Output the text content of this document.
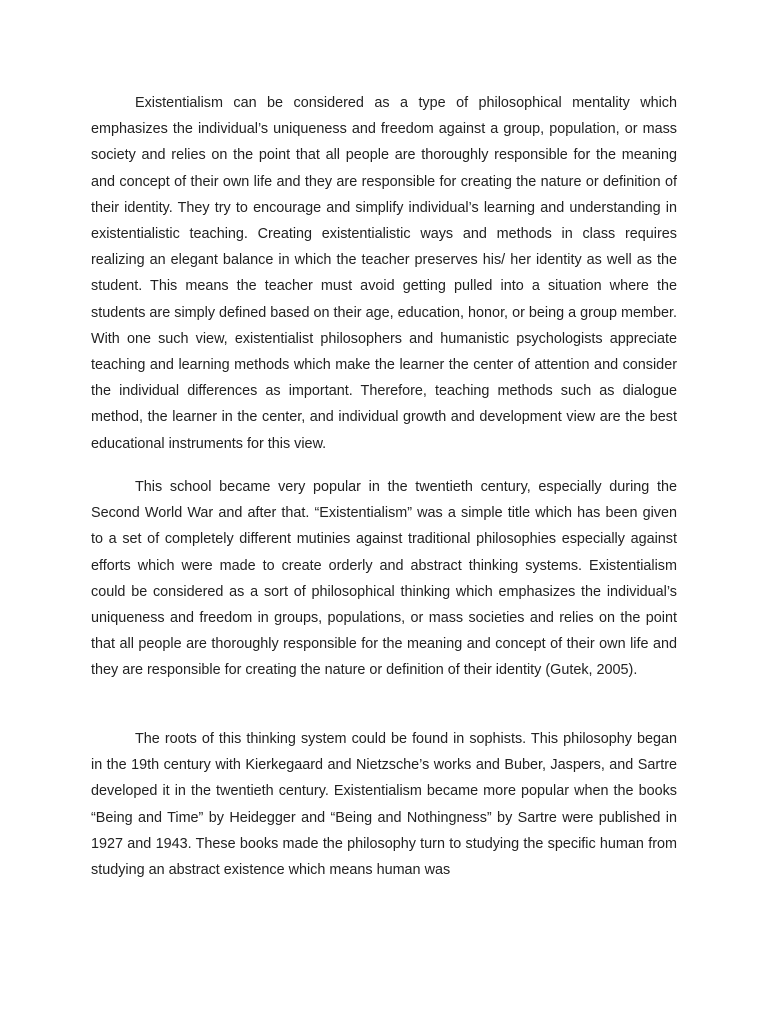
Existentialism can be considered as a type of philosophical mentality which emphasizes the individual’s uniqueness and freedom against a group, population, or mass society and relies on the point that all people are thoroughly responsible for the meaning and concept of their own life and they are responsible for creating the nature or definition of their identity. They try to encourage and simplify individual’s learning and understanding in existentialistic teaching. Creating existentialistic ways and methods in class requires realizing an elegant balance in which the teacher preserves his/ her identity as well as the student. This means the teacher must avoid getting pulled into a situation where the students are simply defined based on their age, education, honor, or being a group member. With one such view, existentialist philosophers and humanistic psychologists appreciate teaching and learning methods which make the learner the center of attention and consider the individual differences as important. Therefore, teaching methods such as dialogue method, the learner in the center, and individual growth and development view are the best educational instruments for this view.

This school became very popular in the twentieth century, especially during the Second World War and after that. “Existentialism” was a simple title which has been given to a set of completely different mutinies against traditional philosophies especially against efforts which were made to create orderly and abstract thinking systems. Existentialism could be considered as a sort of philosophical thinking which emphasizes the individual’s uniqueness and freedom in groups, populations, or mass societies and relies on the point that all people are thoroughly responsible for the meaning and concept of their own life and they are responsible for creating the nature or definition of their identity (Gutek, 2005).

The roots of this thinking system could be found in sophists. This philosophy began in the 19th century with Kierkegaard and Nietzsche’s works and Buber, Jaspers, and Sartre developed it in the twentieth century. Existentialism became more popular when the books “Being and Time” by Heidegger and “Being and Nothingness” by Sartre were published in 1927 and 1943. These books made the philosophy turn to studying the specific human from studying an abstract existence which means human was
